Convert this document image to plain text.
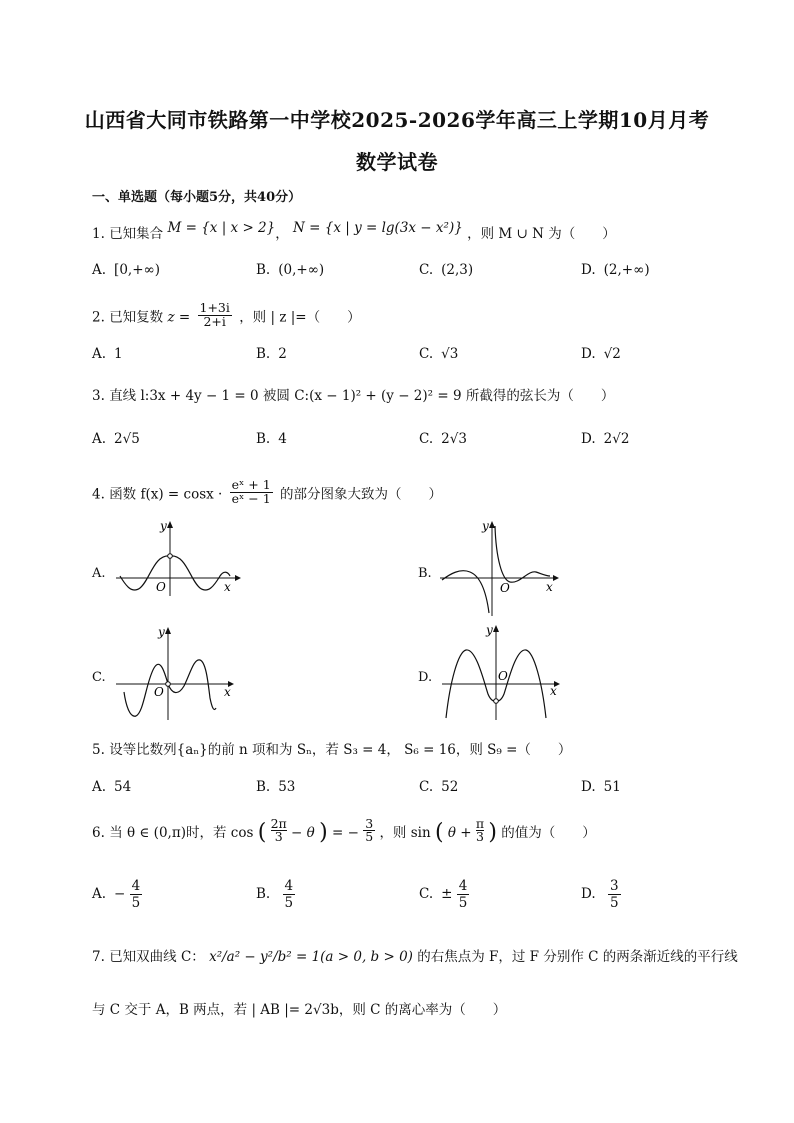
山西省大同市铁路第一中学校2025-2026学年高三上学期10月月考
数学试卷
一、单选题（每小题5分，共40分）
1. 已知集合 M = {x | x > 2}， N = {x | y = lg(3x − x²)} ，则 M ∪ N 为（　　）
A. [0,+∞)	B. (0,+∞)	C. (2,3)	D. (2,+∞)
2. 已知复数 $z = \frac{1+3i}{2+i}$ ，则 | z |=（　　）
A. 1	B. 2	C. √3	D. √2
3. 直线 l:3x + 4y − 1 = 0 被圆 C:(x − 1)² + (y − 2)² = 9 所截得的弦长为（　　）
A. 2√5	B. 4	C. 2√3	D. 2√2
4. 函数 $f(x) = \cos x \cdot \frac{\text{eˣ + 1}}{\text{eˣ − 1}}$ 的部分图象大致为（　　）
A.
y
O	x
B.
y
O	x
C.
y
O	x
D.
y
O
x
5. 设等比数列{aₙ}的前 n 项和为 Sₙ，若 S₃ = 4， S₆ = 16，则 S₉ =（　　）
A. 54	B. 53	C. 52	D. 51
6. 当 θ ∈ (0,π)时，若 cos ( $\frac{2\pi}{3} - \theta$ ) = − $\frac{3}{5}$ ，则 sin ( $\theta + \frac{\pi}{3}$ ) 的值为（　　）
A. − $\frac{4}{5}$	B. $\frac{4}{5}$	C. ± $\frac{4}{5}$	D. $\frac{3}{5}$
7. 已知双曲线 C： x²/a² − y²/b² = 1(a > 0, b > 0) 的右焦点为 F，过 F 分别作 C 的两条渐近线的平行线
与 C 交于 A，B 两点，若 | AB |= 2√3b，则 C 的离心率为（　　）
